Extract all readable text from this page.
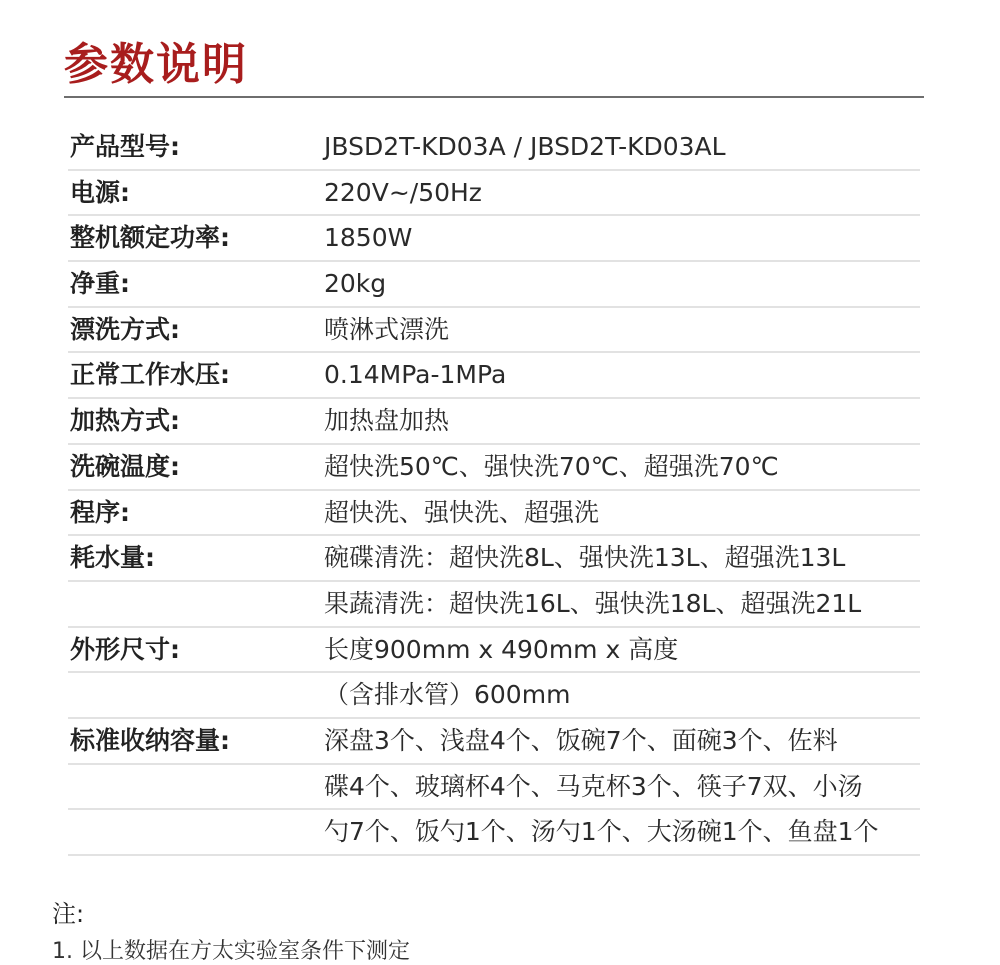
参数说明
产品型号:	JBSD2T-KD03A / JBSD2T-KD03AL
电源:	220V~/50Hz
整机额定功率:	1850W
净重:	20kg
漂洗方式:	喷淋式漂洗
正常工作水压:	0.14MPa-1MPa
加热方式:	加热盘加热
洗碗温度:	超快洗50℃、强快洗70℃、超强洗70℃
程序:	超快洗、强快洗、超强洗
耗水量:	碗碟清洗：超快洗8L、强快洗13L、超强洗13L
果蔬清洗：超快洗16L、强快洗18L、超强洗21L
外形尺寸:	长度900mm x 490mm x 高度
（含排水管）600mm
标准收纳容量:	深盘3个、浅盘4个、饭碗7个、面碗3个、佐料
碟4个、玻璃杯4个、马克杯3个、筷子7双、小汤
勺7个、饭勺1个、汤勺1个、大汤碗1个、鱼盘1个
注:
1. 以上数据在方太实验室条件下测定
